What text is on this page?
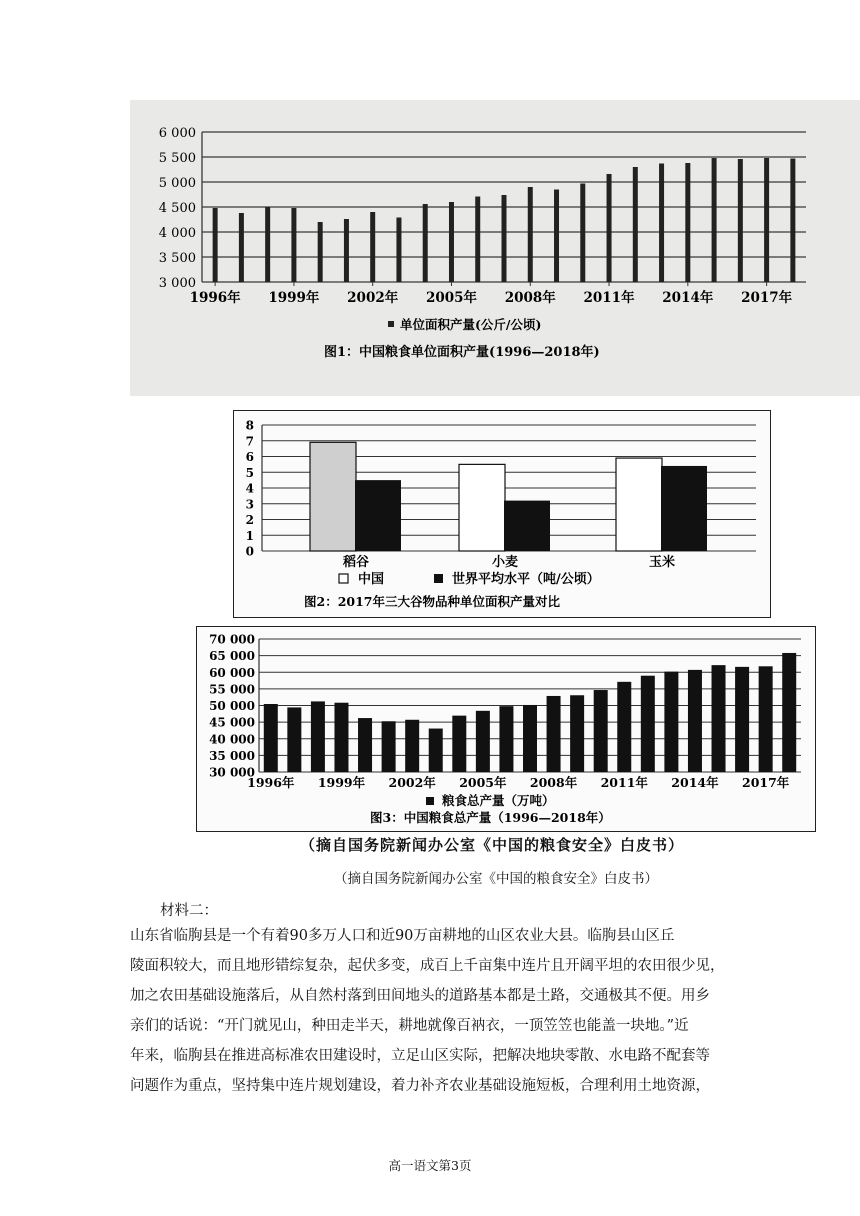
3 000
3 500
4 000
4 500
5 000
5 500
6 000
1996年 1999年 2002年 2005年 2008年 2011年 2014年 2017年
单位面积产量(公斤/公顷)
图1：中国粮食单位面积产量(1996—2018年)
0
1
2
3
4
5
6
7
8
稻谷	小麦	玉米
中国	世界平均水平（吨/公顷）
图2：2017年三大谷物品种单位面积产量对比
30 000
35 000
40 000
45 000
50 000
55 000
60 000
65 000
70 000
1996年 1999年 2002年 2005年 2008年 2011年 2014年 2017年
粮食总产量（万吨）
图3：中国粮食总产量（1996—2018年）
（摘自国务院新闻办公室《中国的粮食安全》白皮书）
（摘自国务院新闻办公室《中国的粮食安全》白皮书）
材料二：
山东省临朐县是一个有着90多万人口和近90万亩耕地的山区农业大县。临朐县山区丘
陵面积较大，而且地形错综复杂，起伏多变，成百上千亩集中连片且开阔平坦的农田很少见，
加之农田基础设施落后，从自然村落到田间地头的道路基本都是土路，交通极其不便。用乡
亲们的话说：“开门就见山，种田走半天，耕地就像百衲衣，一顶笠笠也能盖一块地。”近
年来，临朐县在推进高标准农田建设时，立足山区实际，把解决地块零散、水电路不配套等
问题作为重点，坚持集中连片规划建设，着力补齐农业基础设施短板，合理利用土地资源，
高一语文第3页
